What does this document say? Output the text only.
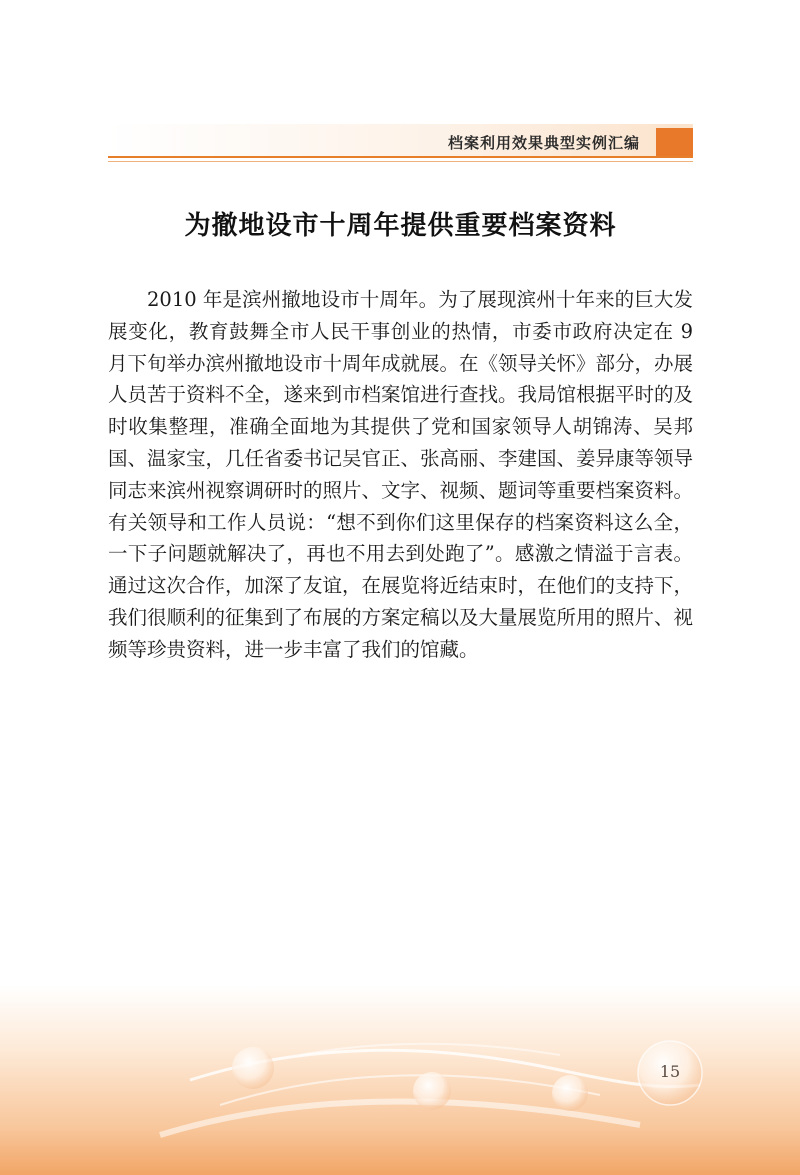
档案利用效果典型实例汇编
为撤地设市十周年提供重要档案资料

2010 年是滨州撤地设市十周年。为了展现滨州十年来的巨大发展变化，教育鼓舞全市人民干事创业的热情，市委市政府决定在 9 月下旬举办滨州撤地设市十周年成就展。在《领导关怀》部分，办展人员苦于资料不全，遂来到市档案馆进行查找。我局馆根据平时的及时收集整理，准确全面地为其提供了党和国家领导人胡锦涛、吴邦国、温家宝，几任省委书记吴官正、张高丽、李建国、姜异康等领导同志来滨州视察调研时的照片、文字、视频、题词等重要档案资料。有关领导和工作人员说：“想不到你们这里保存的档案资料这么全，一下子问题就解决了，再也不用去到处跑了”。感激之情溢于言表。通过这次合作，加深了友谊，在展览将近结束时，在他们的支持下，我们很顺利的征集到了布展的方案定稿以及大量展览所用的照片、视频等珍贵资料，进一步丰富了我们的馆藏。

15
